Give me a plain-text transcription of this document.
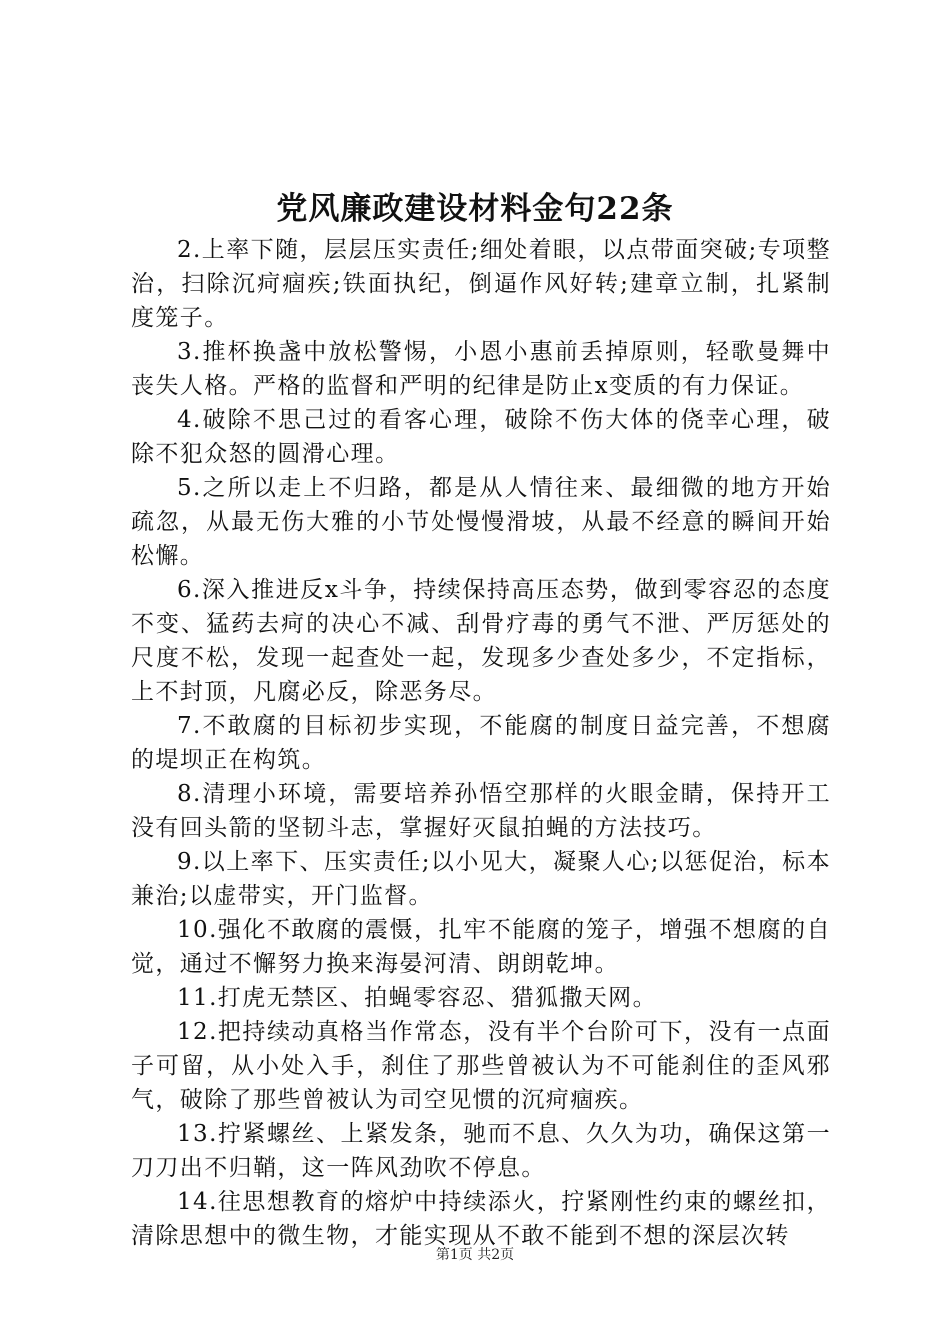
党风廉政建设材料金句22条

2.上率下随，层层压实责任;细处着眼，以点带面突破;专项整治，扫除沉疴痼疾;铁面执纪，倒逼作风好转;建章立制，扎紧制度笼子。

3.推杯换盏中放松警惕，小恩小惠前丢掉原则，轻歌曼舞中丧失人格。严格的监督和严明的纪律是防止x变质的有力保证。

4.破除不思己过的看客心理，破除不伤大体的侥幸心理，破除不犯众怒的圆滑心理。

5.之所以走上不归路，都是从人情往来、最细微的地方开始疏忽，从最无伤大雅的小节处慢慢滑坡，从最不经意的瞬间开始松懈。

6.深入推进反x斗争，持续保持高压态势，做到零容忍的态度不变、猛药去疴的决心不减、刮骨疗毒的勇气不泄、严厉惩处的尺度不松，发现一起查处一起，发现多少查处多少，不定指标，上不封顶，凡腐必反，除恶务尽。

7.不敢腐的目标初步实现，不能腐的制度日益完善，不想腐的堤坝正在构筑。

8.清理小环境，需要培养孙悟空那样的火眼金睛，保持开工没有回头箭的坚韧斗志，掌握好灭鼠拍蝇的方法技巧。

9.以上率下、压实责任;以小见大，凝聚人心;以惩促治，标本兼治;以虚带实，开门监督。

10.强化不敢腐的震慑，扎牢不能腐的笼子，增强不想腐的自觉，通过不懈努力换来海晏河清、朗朗乾坤。

11.打虎无禁区、拍蝇零容忍、猎狐撒天网。

12.把持续动真格当作常态，没有半个台阶可下，没有一点面子可留，从小处入手，刹住了那些曾被认为不可能刹住的歪风邪气，破除了那些曾被认为司空见惯的沉疴痼疾。

13.拧紧螺丝、上紧发条，驰而不息、久久为功，确保这第一刀刀出不归鞘，这一阵风劲吹不停息。

14.往思想教育的熔炉中持续添火，拧紧刚性约束的螺丝扣，清除思想中的微生物，才能实现从不敢不能到不想的深层次转

第1页 共2页
